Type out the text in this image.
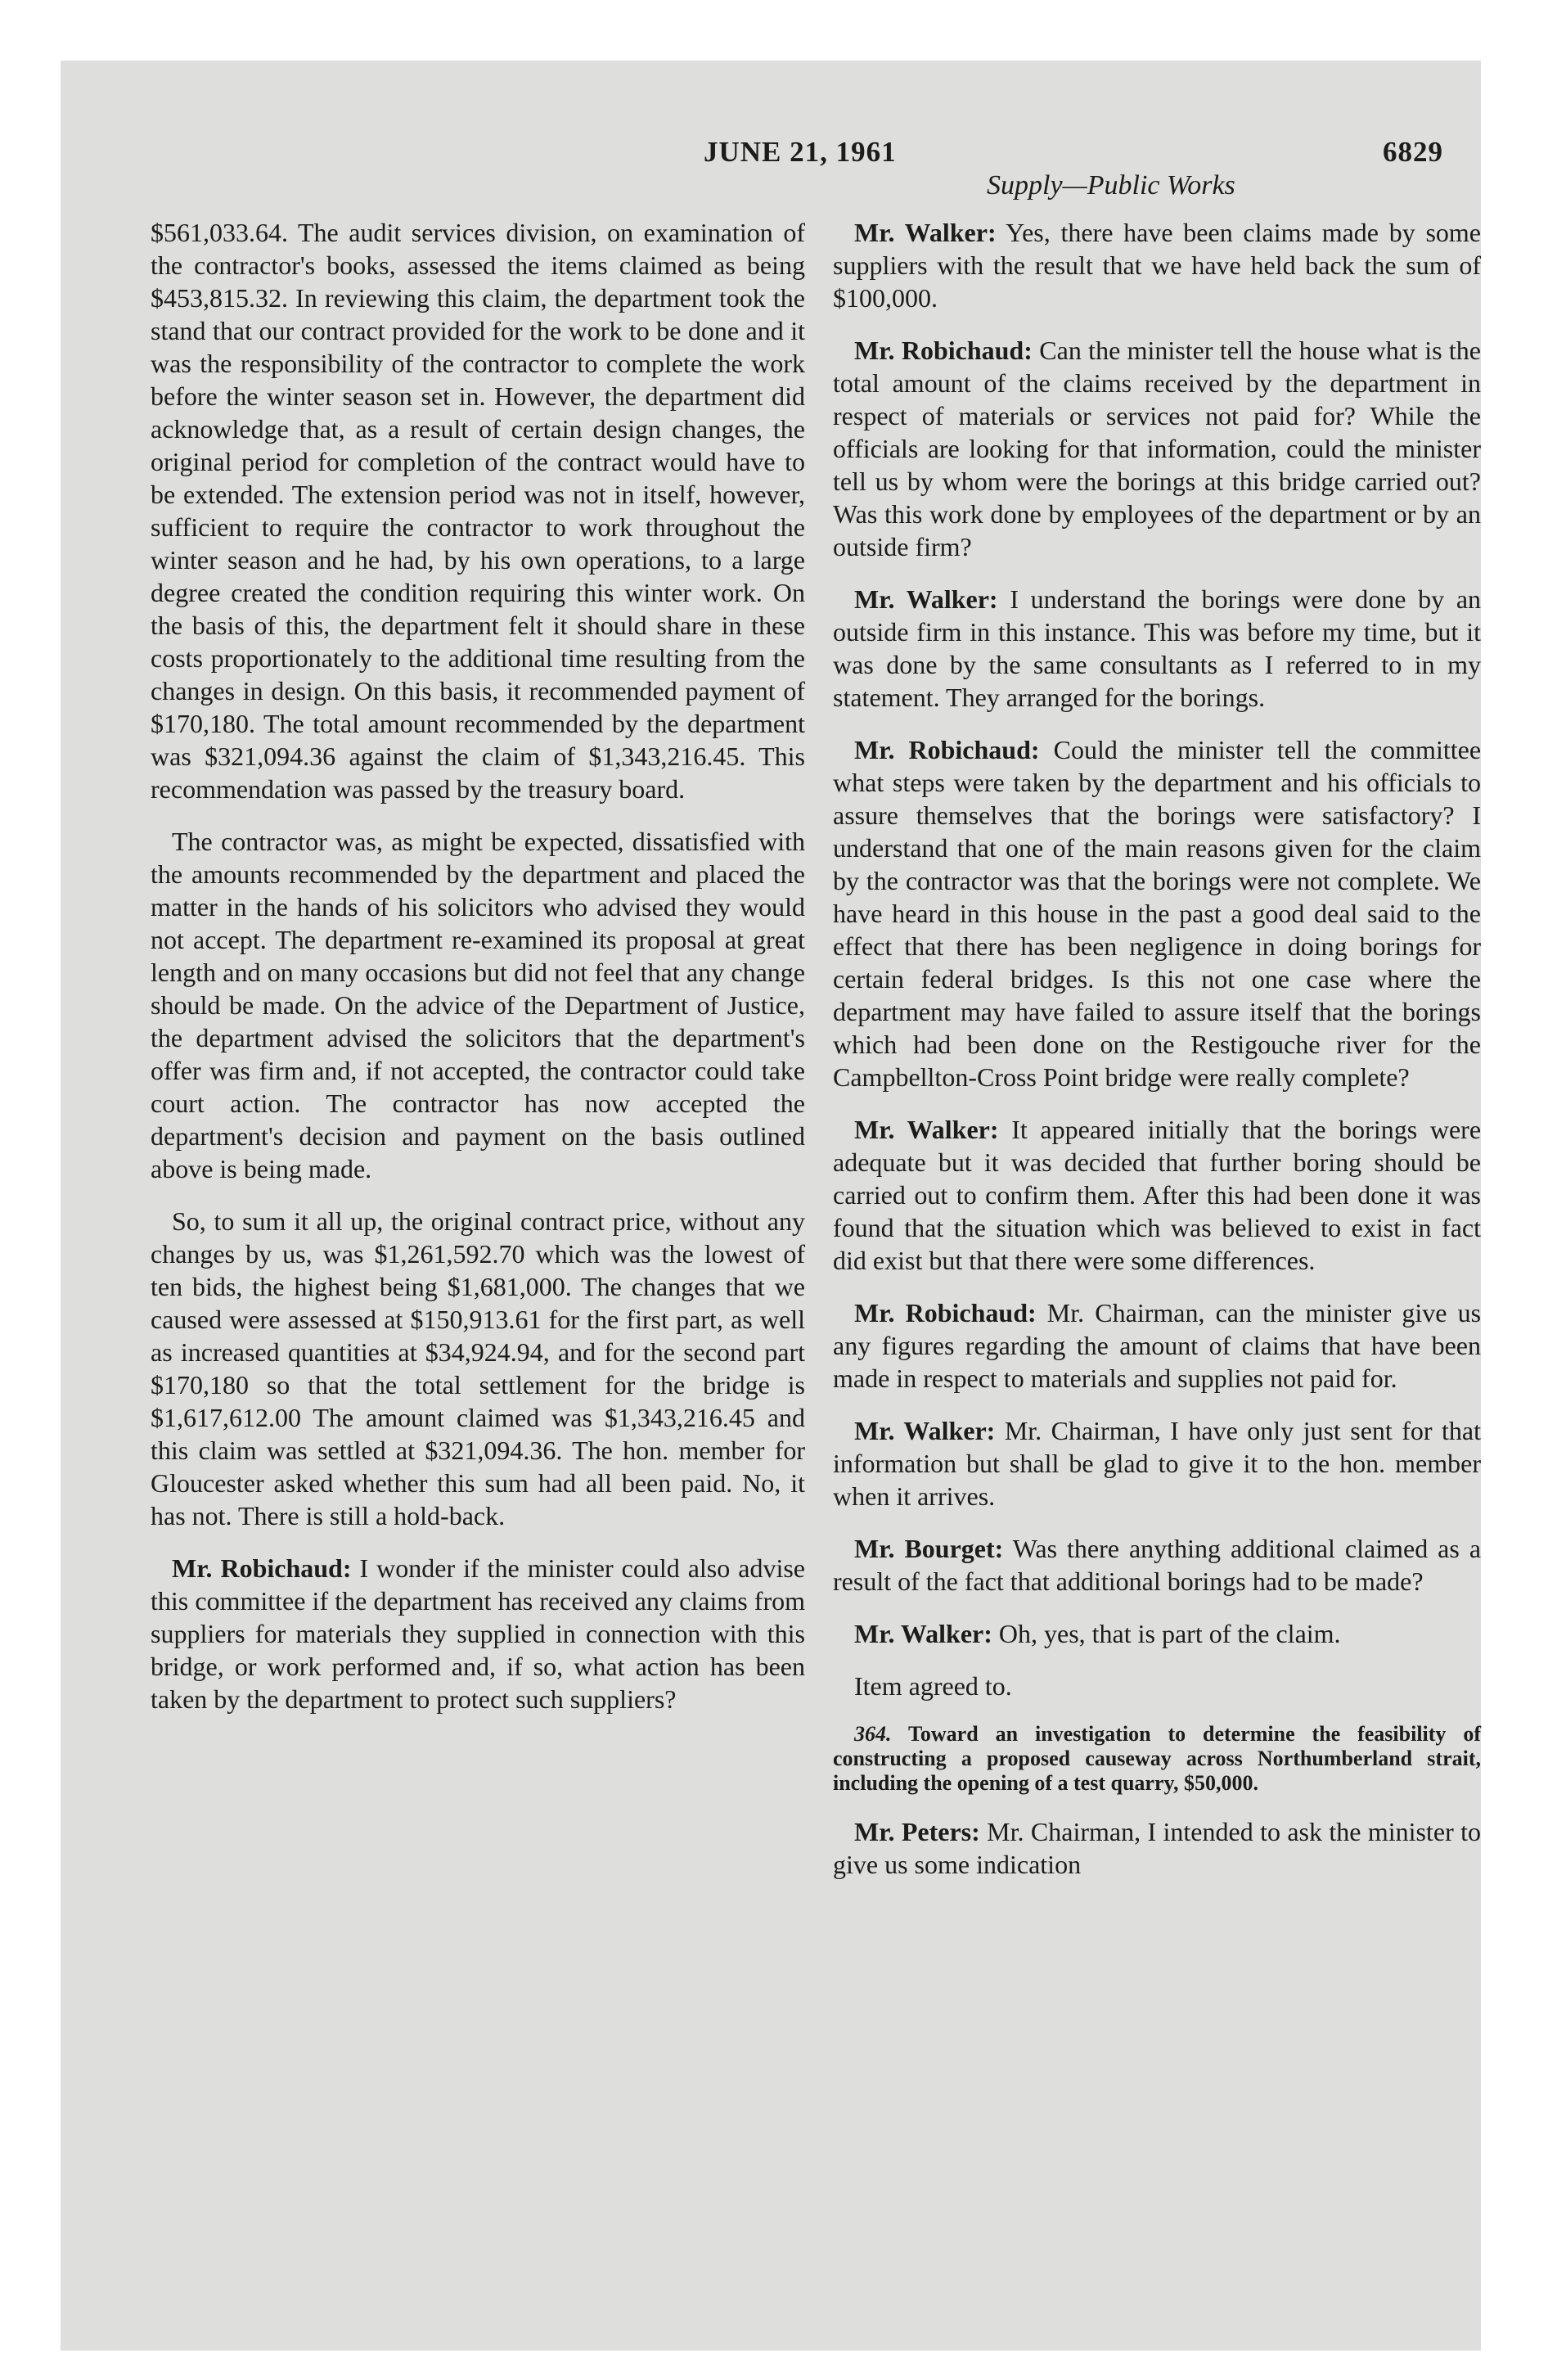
JUNE 21, 1961	6829
Supply—Public Works

$561,033.64. The audit services division, on examination of the contractor's books, assessed the items claimed as being $453,815.32. In reviewing this claim, the department took the stand that our contract provided for the work to be done and it was the responsibility of the contractor to complete the work before the winter season set in. However, the department did acknowledge that, as a result of certain design changes, the original period for completion of the contract would have to be extended. The extension period was not in itself, however, sufficient to require the contractor to work throughout the winter season and he had, by his own operations, to a large degree created the condition requiring this winter work. On the basis of this, the department felt it should share in these costs proportionately to the additional time resulting from the changes in design. On this basis, it recommended payment of $170,180. The total amount recommended by the department was $321,094.36 against the claim of $1,343,216.45. This recommendation was passed by the treasury board.

The contractor was, as might be expected, dissatisfied with the amounts recommended by the department and placed the matter in the hands of his solicitors who advised they would not accept. The department re-examined its proposal at great length and on many occasions but did not feel that any change should be made. On the advice of the Department of Justice, the department advised the solicitors that the department's offer was firm and, if not accepted, the contractor could take court action. The contractor has now accepted the department's decision and payment on the basis outlined above is being made.

So, to sum it all up, the original contract price, without any changes by us, was $1,261,592.70 which was the lowest of ten bids, the highest being $1,681,000. The changes that we caused were assessed at $150,913.61 for the first part, as well as increased quantities at $34,924.94, and for the second part $170,180 so that the total settlement for the bridge is $1,617,612.00 The amount claimed was $1,343,216.45 and this claim was settled at $321,094.36. The hon. member for Gloucester asked whether this sum had all been paid. No, it has not. There is still a hold-back.

Mr. Robichaud: I wonder if the minister could also advise this committee if the department has received any claims from suppliers for materials they supplied in connection with this bridge, or work performed and, if so, what action has been taken by the department to protect such suppliers?

Mr. Walker: Yes, there have been claims made by some suppliers with the result that we have held back the sum of $100,000.

Mr. Robichaud: Can the minister tell the house what is the total amount of the claims received by the department in respect of materials or services not paid for? While the officials are looking for that information, could the minister tell us by whom were the borings at this bridge carried out? Was this work done by employees of the department or by an outside firm?

Mr. Walker: I understand the borings were done by an outside firm in this instance. This was before my time, but it was done by the same consultants as I referred to in my statement. They arranged for the borings.

Mr. Robichaud: Could the minister tell the committee what steps were taken by the department and his officials to assure themselves that the borings were satisfactory? I understand that one of the main reasons given for the claim by the contractor was that the borings were not complete. We have heard in this house in the past a good deal said to the effect that there has been negligence in doing borings for certain federal bridges. Is this not one case where the department may have failed to assure itself that the borings which had been done on the Restigouche river for the Campbellton-Cross Point bridge were really complete?

Mr. Walker: It appeared initially that the borings were adequate but it was decided that further boring should be carried out to confirm them. After this had been done it was found that the situation which was believed to exist in fact did exist but that there were some differences.

Mr. Robichaud: Mr. Chairman, can the minister give us any figures regarding the amount of claims that have been made in respect to materials and supplies not paid for.

Mr. Walker: Mr. Chairman, I have only just sent for that information but shall be glad to give it to the hon. member when it arrives.

Mr. Bourget: Was there anything additional claimed as a result of the fact that additional borings had to be made?

Mr. Walker: Oh, yes, that is part of the claim.

Item agreed to.

364. Toward an investigation to determine the feasibility of constructing a proposed causeway across Northumberland strait, including the opening of a test quarry, $50,000.

Mr. Peters: Mr. Chairman, I intended to ask the minister to give us some indication
